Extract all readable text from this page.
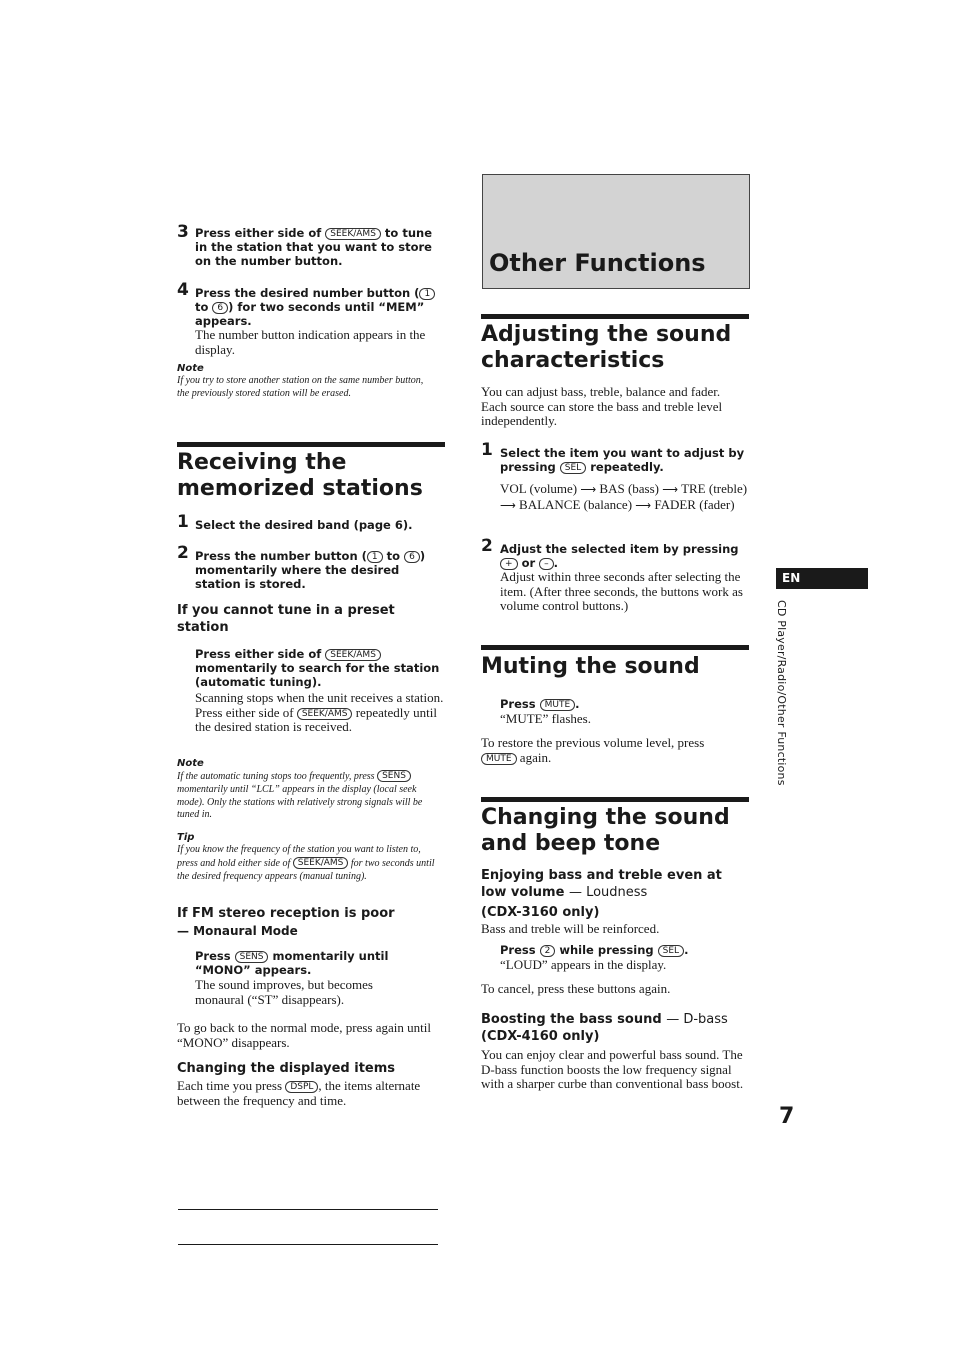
3 Press either side of SEEK/AMS to tune in the station that you want to store on the number button.
4 Press the desired number button ( 1 to 6 ) for two seconds until “MEM” appears.
The number button indication appears in the display.
Note
If you try to store another station on the same number button, the previously stored station will be erased.
Receiving the memorized stations
1 Select the desired band (page 6).
2 Press the number button ( 1 to 6 ) momentarily where the desired station is stored.
If you cannot tune in a preset station
Press either side of SEEK/AMS momentarily to search for the station (automatic tuning).
Scanning stops when the unit receives a station. Press either side of SEEK/AMS repeatedly until the desired station is received.
Note
If the automatic tuning stops too frequently, press SENS momentarily until “LCL” appears in the display (local seek mode). Only the stations with relatively strong signals will be tuned in.
Tip
If you know the frequency of the station you want to listen to, press and hold either side of SEEK/AMS for two seconds until the desired frequency appears (manual tuning).
If FM stereo reception is poor
— Monaural Mode
Press SENS momentarily until “MONO” appears.
The sound improves, but becomes monaural (“ST” disappears).
To go back to the normal mode, press again until “MONO” disappears.
Changing the displayed items
Each time you press DSPL , the items alternate between the frequency and time.
Other Functions
Adjusting the sound characteristics
You can adjust bass, treble, balance and fader. Each source can store the bass and treble level independently.
1 Select the item you want to adjust by pressing SEL repeatedly.
VOL (volume) ⟶ BAS (bass) ⟶ TRE (treble) ⟶ BALANCE (balance) ⟶ FADER (fader)
2 Adjust the selected item by pressing + or – .
Adjust within three seconds after selecting the item. (After three seconds, the buttons work as volume control buttons.)
Muting the sound
Press MUTE .
“MUTE” flashes.
To restore the previous volume level, press MUTE again.
Changing the sound and beep tone
Enjoying bass and treble even at low volume — Loudness
(CDX-3160 only)
Bass and treble will be reinforced.
Press 2 while pressing SEL .
“LOUD” appears in the display.
To cancel, press these buttons again.
Boosting the bass sound — D-bass
(CDX-4160 only)
You can enjoy clear and powerful bass sound. The D-bass function boosts the low frequency signal with a sharper curbe than conventional bass boost.
EN
CD Player/Radio/Other Functions
7
